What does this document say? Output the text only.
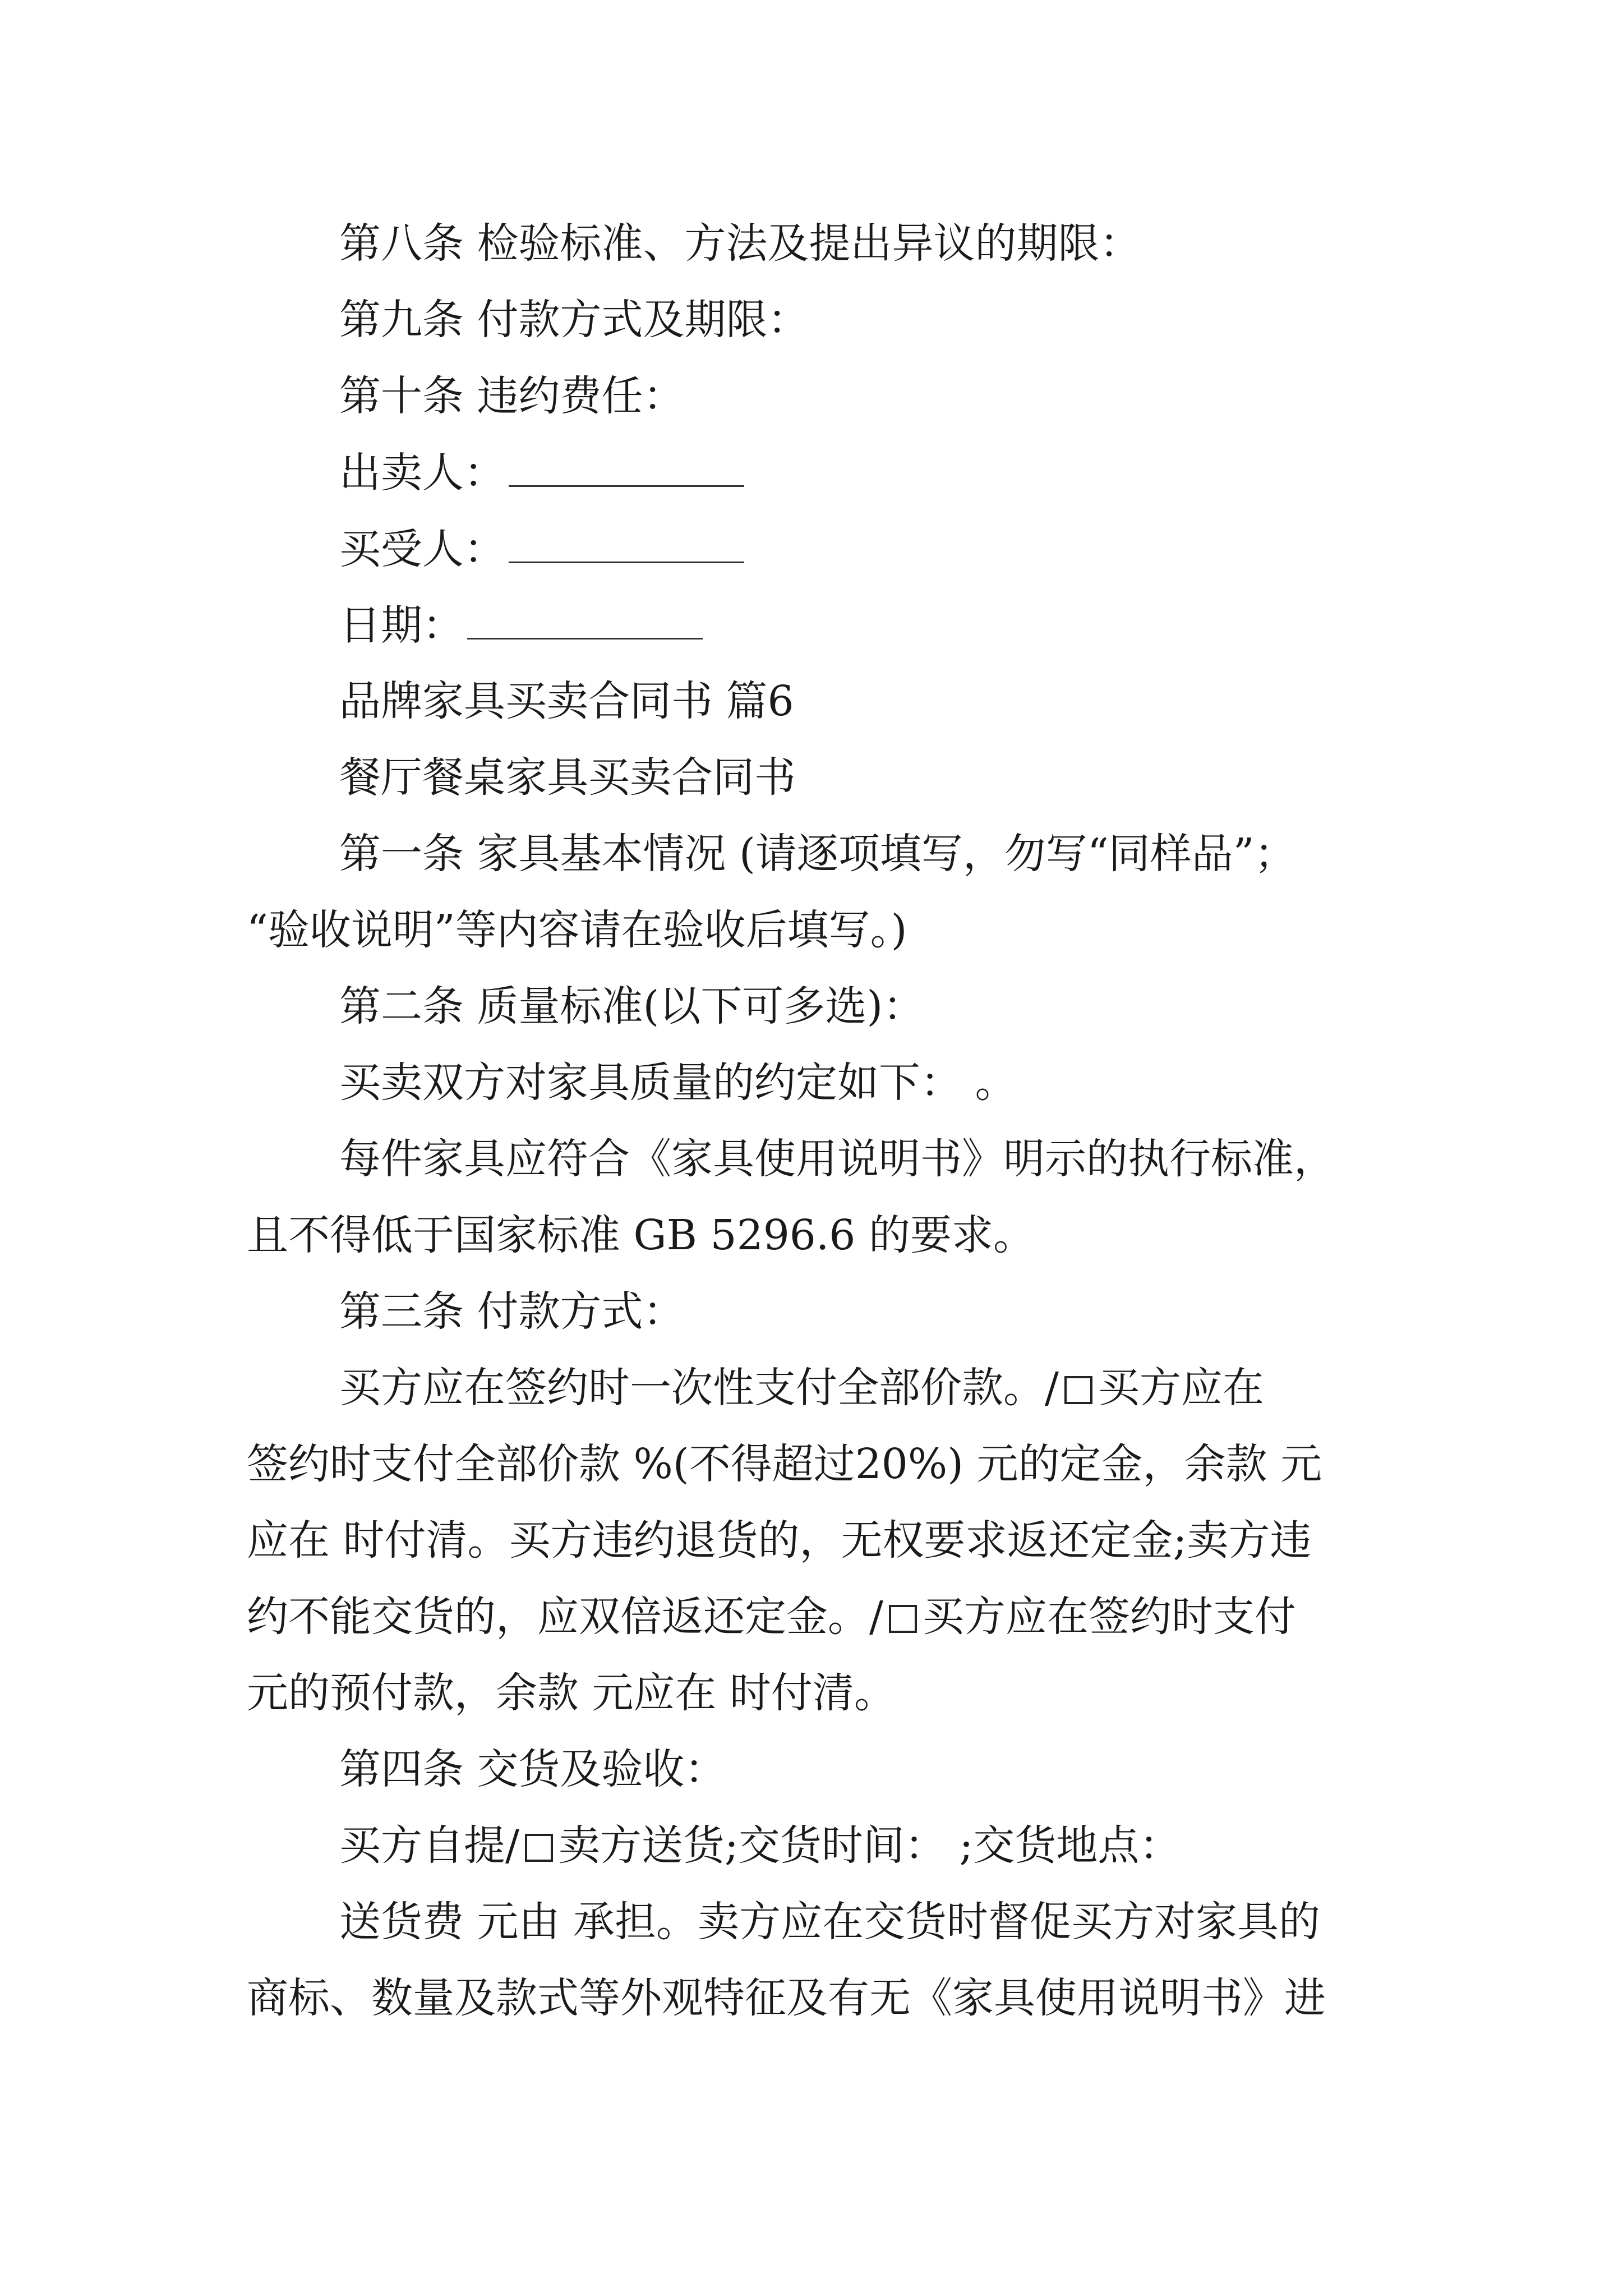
第八条 检验标准、方法及提出异议的期限：
第九条 付款方式及期限：
第十条 违约费任：
出卖人：
买受人：
日期：
品牌家具买卖合同书 篇6
餐厅餐桌家具买卖合同书
第一条 家具基本情况 (请逐项填写，勿写“同样品”；
“验收说明”等内容请在验收后填写。)
第二条 质量标准(以下可多选)：
买卖双方对家具质量的约定如下： 。
每件家具应符合《家具使用说明书》明示的执行标准，
且不得低于国家标准 GB 5296.6 的要求。
第三条 付款方式：
买方应在签约时一次性支付全部价款。/ 买方应在
签约时支付全部价款 %(不得超过20%) 元的定金，余款 元
应在 时付清。买方违约退货的，无权要求返还定金;卖方违
约不能交货的，应双倍返还定金。/ 买方应在签约时支付
元的预付款，余款 元应在 时付清。
第四条 交货及验收：
买方自提/ 卖方送货;交货时间： ;交货地点：
送货费 元由 承担。卖方应在交货时督促买方对家具的
商标、数量及款式等外观特征及有无《家具使用说明书》进
